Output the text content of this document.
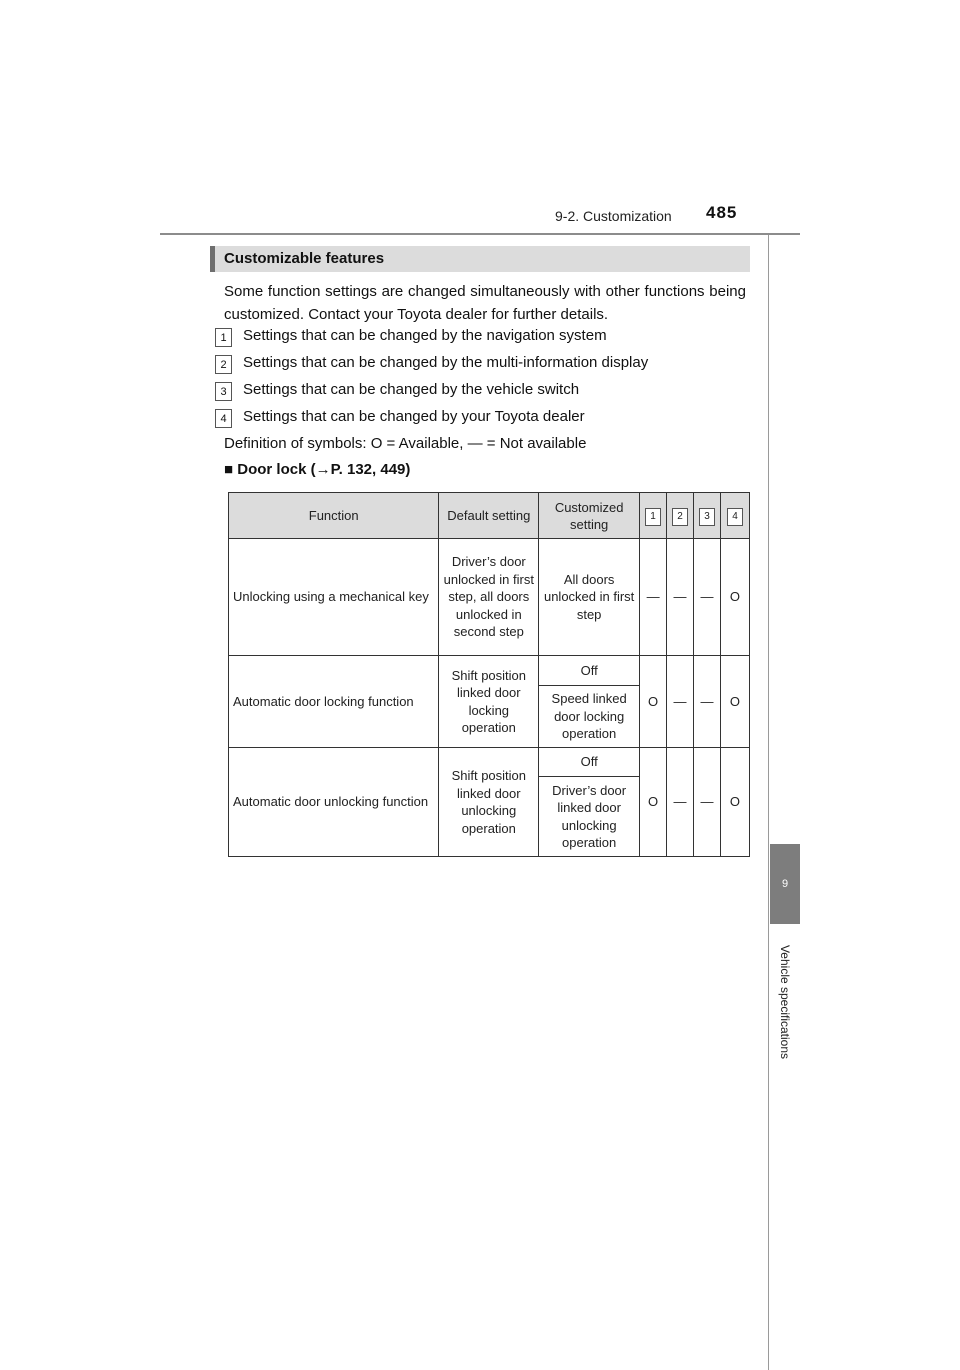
9-2. Customization 485
9
Vehicle specifications
Customizable features
Some function settings are changed simultaneously with other functions being customized. Contact your Toyota dealer for further details.
1	Settings that can be changed by the navigation system
2	Settings that can be changed by the multi-information display
3	Settings that can be changed by the vehicle switch
4	Settings that can be changed by your Toyota dealer
Definition of symbols: O = Available, — = Not available
■ Door lock (→P. 132, 449)
Function	Default setting	Customized setting	1	2	3	4
Unlocking using a mechanical key	Driver’s door unlocked in first step, all doors unlocked in second step	All doors unlocked in first step	—	—	—	O
Automatic door locking function	Shift position linked door locking operation	Off	O	—	—	O
		Speed linked door locking operation				
Automatic door unlocking function	Shift position linked door unlocking operation	Off	O	—	—	O
		Driver’s door linked door unlocking operation				
